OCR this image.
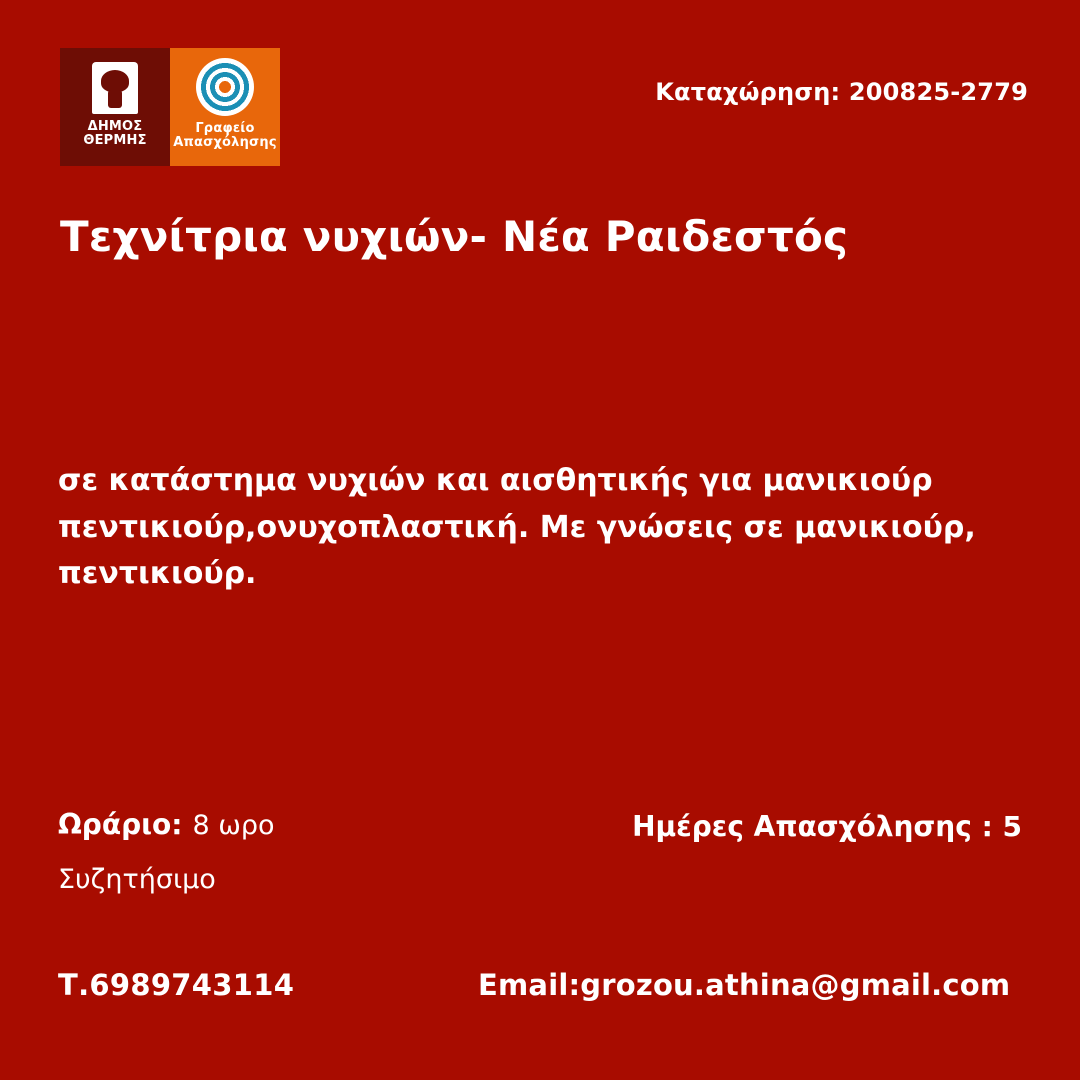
ΔΗΜΟΣ
ΘΕΡΜΗΣ
Γραφείο
Απασχόλησης
Καταχώρηση: 200825-2779
Τεχνίτρια νυχιών- Νέα Ραιδεστός
σε κατάστημα νυχιών και αισθητικής για μανικιούρ πεντικιούρ,ονυχοπλαστική. Με γνώσεις σε μανικιούρ, πεντικιούρ.
Ωράριο: 8 ωρο	Ημέρες Απασχόλησης : 5
Συζητήσιμο
Τ.6989743114	Email:grozou.athina@gmail.com
